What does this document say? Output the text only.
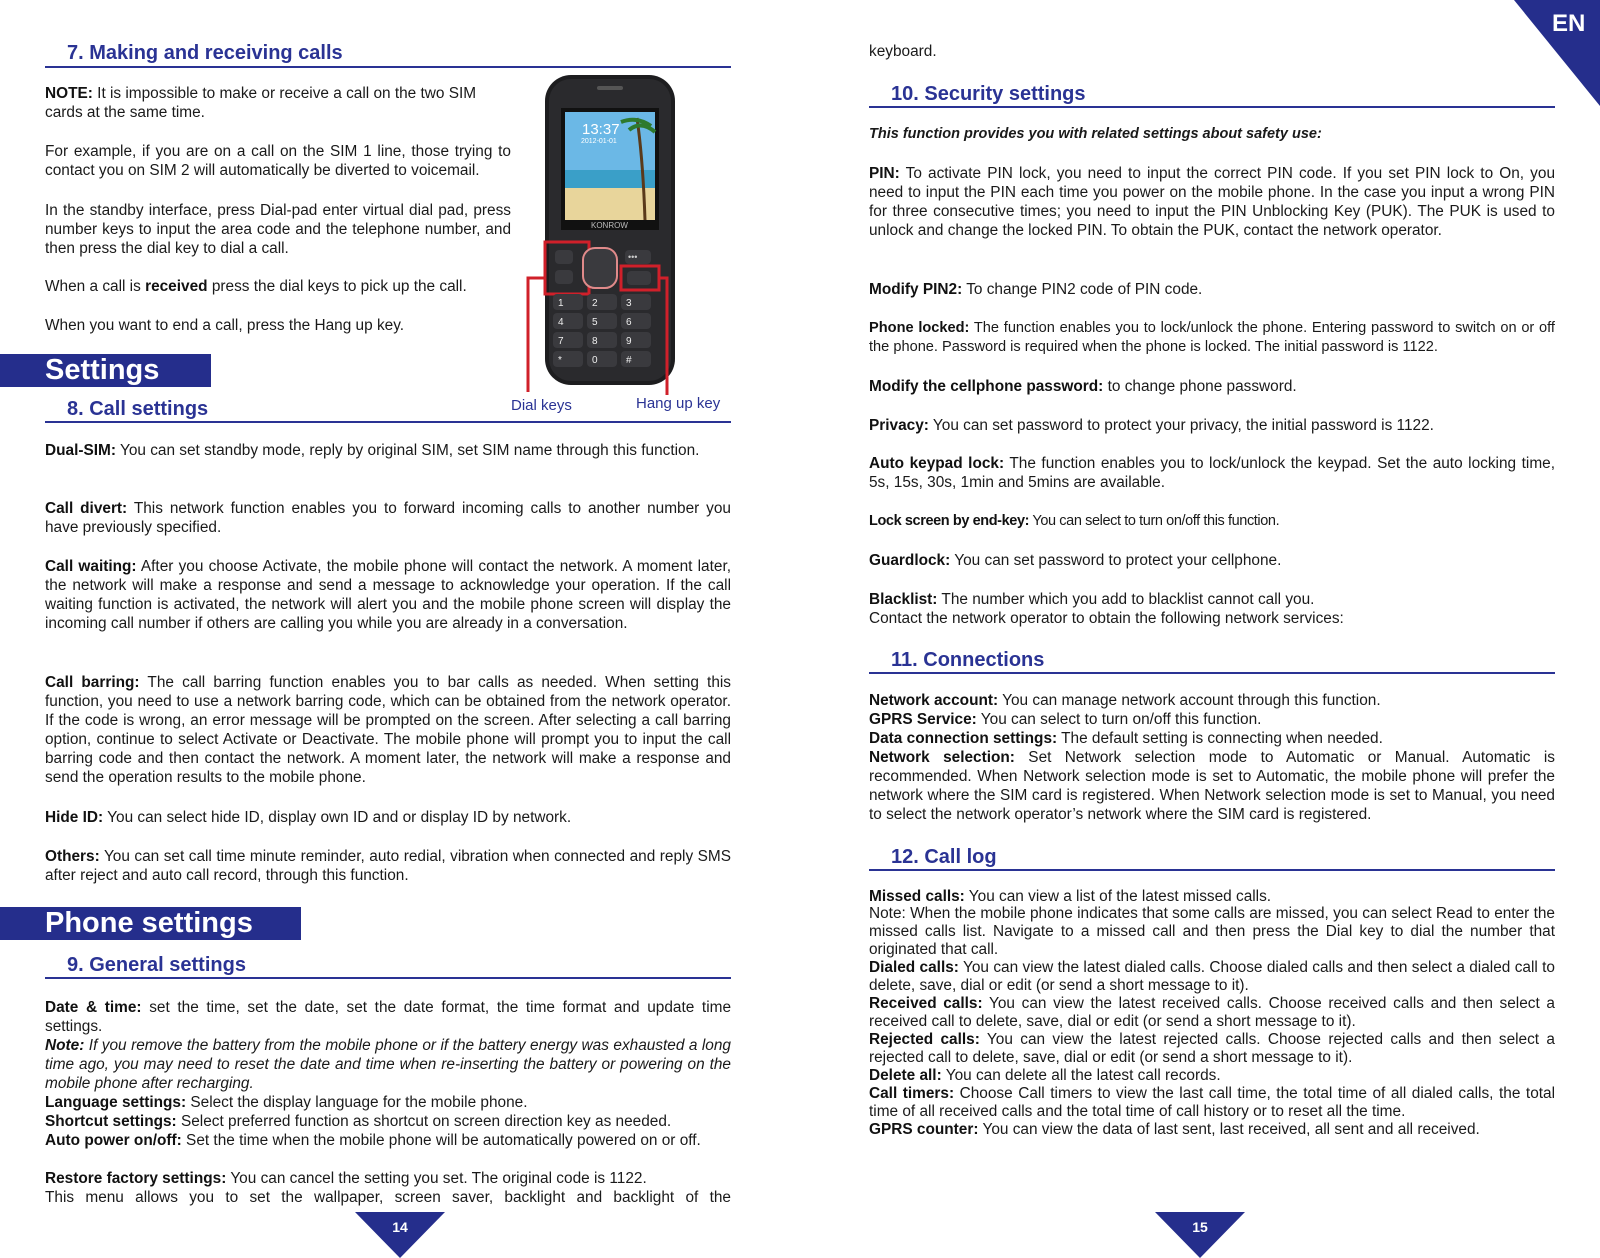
EN
7. Making and receiving calls

NOTE: It is impossible to make or receive a call on the two SIM cards at the same time.

For example, if you are on a call on the SIM 1 line, those trying to contact you on SIM 2 will automatically be diverted to voicemail.

In the standby interface, press Dial-pad enter virtual dial pad, press number keys to input the area code and the telephone number, and then press the dial key to dial a call.

When a call is received press the dial keys to pick up the call.

When you want to end a call, press the Hang up key.

13:37
2012-01-01
KONROW
•••
1	2	3
4	5	6
7	8	9
*	0	#
Dial keys	Hang up key
Settings
8. Call settings

Dual-SIM: You can set standby mode, reply by original SIM, set SIM name through this function.

Call divert: This network function enables you to forward incoming calls to another number you have previously specified.

Call waiting: After you choose Activate, the mobile phone will contact the network. A moment later, the network will make a response and send a message to acknowledge your operation. If the call waiting function is activated, the network will alert you and the mobile phone screen will display the incoming call number if others are calling you while you are already in a conversation.

Call barring: The call barring function enables you to bar calls as needed. When setting this function, you need to use a network barring code, which can be obtained from the network operator. If the code is wrong, an error message will be prompted on the screen. After selecting a call barring option, continue to select Activate or Deactivate. The mobile phone will prompt you to input the call barring code and then contact the network. A moment later, the network will make a response and send the operation results to the mobile phone.

Hide ID: You can select hide ID, display own ID and or display ID by network.

Others: You can set call time minute reminder, auto redial, vibration when connected and reply SMS after reject and auto call record, through this function.

Phone settings
9. General settings

Date & time: set the time, set the date, set the date format, the time format and update time settings.

Note: If you remove the battery from the mobile phone or if the battery energy was exhausted a long time ago, you may need to reset the date and time when re-inserting the battery or powering on the mobile phone after recharging.

Language settings: Select the display language for the mobile phone.

Shortcut settings: Select preferred function as shortcut on screen direction key as needed.

Auto power on/off: Set the time when the mobile phone will be automatically powered on or off.

Restore factory settings: You can cancel the setting you set. The original code is 1122.

This menu allows you to set the wallpaper, screen saver, backlight and backlight of the

14

keyboard.

10. Security settings

This function provides you with related settings about safety use:

PIN: To activate PIN lock, you need to input the correct PIN code. If you set PIN lock to On, you need to input the PIN each time you power on the mobile phone. In the case you input a wrong PIN for three consecutive times; you need to input the PIN Unblocking Key (PUK). The PUK is used to unlock and change the locked PIN. To obtain the PUK, contact the network operator.

Modify PIN2: To change PIN2 code of PIN code.

Phone locked: The function enables you to lock/unlock the phone. Entering password to switch on or off the phone. Password is required when the phone is locked. The initial password is 1122.

Modify the cellphone password: to change phone password.

Privacy: You can set password to protect your privacy, the initial password is 1122.

Auto keypad lock: The function enables you to lock/unlock the keypad. Set the auto locking time, 5s, 15s, 30s, 1min and 5mins are available.

Lock screen by end-key: You can select to turn on/off this function.

Guardlock: You can set password to protect your cellphone.

Blacklist: The number which you add to blacklist cannot call you.

Contact the network operator to obtain the following network services:

11. Connections

Network account: You can manage network account through this function.

GPRS Service: You can select to turn on/off this function.

Data connection settings: The default setting is connecting when needed.

Network selection: Set Network selection mode to Automatic or Manual. Automatic is recommended. When Network selection mode is set to Automatic, the mobile phone will prefer the network where the SIM card is registered. When Network selection mode is set to Manual, you need to select the network operator’s network where the SIM card is registered.

12. Call log

Missed calls: You can view a list of the latest missed calls.

Note: When the mobile phone indicates that some calls are missed, you can select Read to enter the missed calls list. Navigate to a missed call and then press the Dial key to dial the number that originated that call.

Dialed calls: You can view the latest dialed calls. Choose dialed calls and then select a dialed call to delete, save, dial or edit (or send a short message to it).

Received calls: You can view the latest received calls. Choose received calls and then select a received call to delete, save, dial or edit (or send a short message to it).

Rejected calls: You can view the latest rejected calls. Choose rejected calls and then select a rejected call to delete, save, dial or edit (or send a short message to it).

Delete all: You can delete all the latest call records.

Call timers: Choose Call timers to view the last call time, the total time of all dialed calls, the total time of all received calls and the total time of call history or to reset all the time.

GPRS counter: You can view the data of last sent, last received, all sent and all received.

15
